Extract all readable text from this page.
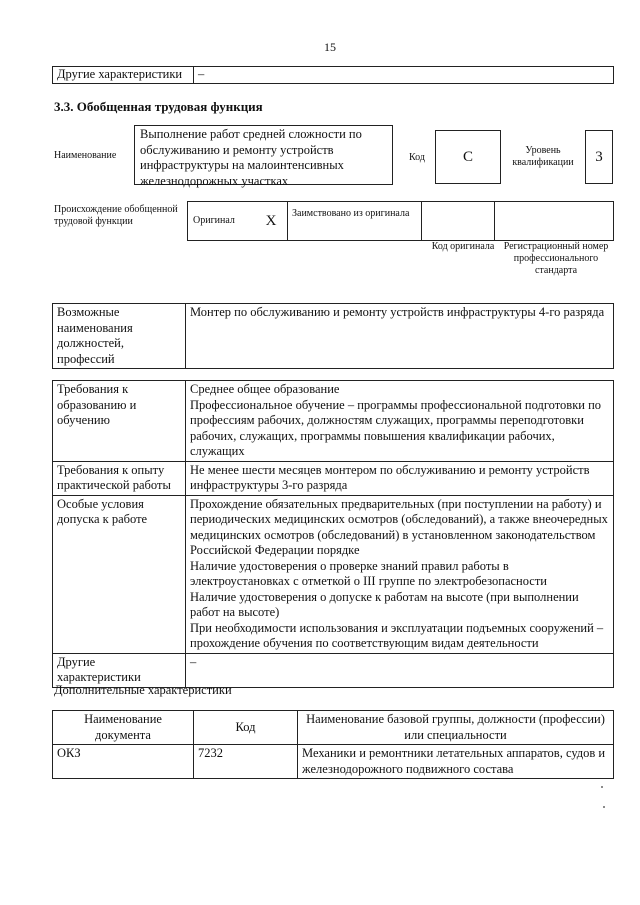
15
Другие характеристики	–
3.3. Обобщенная трудовая функция
Наименование
Выполнение работ средней сложности по обслуживанию и ремонту устройств инфраструктуры на малоинтенсивных железнодорожных участках
Код	C	Уровень квалификации	3
Происхождение обобщенной трудовой функции	Оригинал	X	Заимствовано из оригинала		
Код оригинала Регистрационный номер профессионального стандарта
Возможные наименования должностей, профессий	Монтер по обслуживанию и ремонту устройств инфраструктуры 4-го разряда
Требования к образованию и обучению	Среднее общее образование
Профессиональное обучение – программы профессиональной подготовки по профессиям рабочих, должностям служащих, программы переподготовки рабочих, служащих, программы повышения квалификации рабочих, служащих

Требования к опыту практической работы	Не менее шести месяцев монтером по обслуживанию и ремонту устройств инфраструктуры 3-го разряда
Особые условия допуска к работе	Прохождение обязательных предварительных (при поступлении на работу) и периодических медицинских осмотров (обследований), а также внеочередных медицинских осмотров (обследований) в установленном законодательством Российской Федерации порядке
Наличие удостоверения о проверке знаний правил работы в электроустановках с отметкой о III группе по электробезопасности
Наличие удостоверения о допуске к работам на высоте (при выполнении работ на высоте)
При необходимости использования и эксплуатации подъемных сооружений – прохождение обучения по соответствующим видам деятельности

Другие характеристики	–
Дополнительные характеристики
Наименование документа	Код	Наименование базовой группы, должности (профессии) или специальности
ОКЗ	7232	Механики и ремонтники летательных аппаратов, судов и железнодорожного подвижного состава
